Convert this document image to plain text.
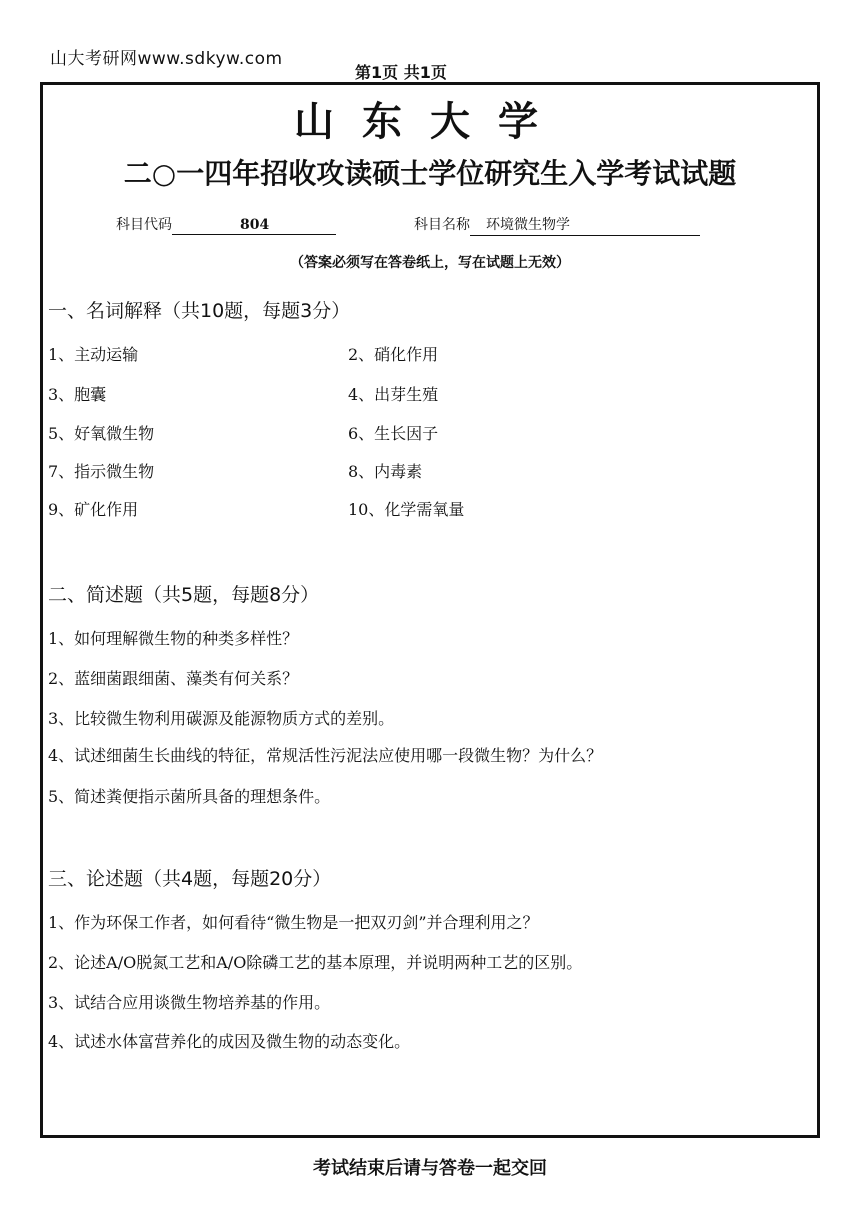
山大考研网www.sdkyw.com
第1页 共1页
山东大学
二○一四年招收攻读硕士学位研究生入学考试试题
科目代码	804	科目名称 环境微生物学
（答案必须写在答卷纸上，写在试题上无效）
一、名词解释（共10题，每题3分）
1、主动运输	2、硝化作用
3、胞囊	4、出芽生殖
5、好氧微生物	6、生长因子
7、指示微生物	8、内毒素
9、矿化作用	10、化学需氧量
二、简述题（共5题，每题8分）
1、如何理解微生物的种类多样性？
2、蓝细菌跟细菌、藻类有何关系？
3、比较微生物利用碳源及能源物质方式的差别。
4、试述细菌生长曲线的特征，常规活性污泥法应使用哪一段微生物？为什么？
5、简述粪便指示菌所具备的理想条件。
三、论述题（共4题，每题20分）
1、作为环保工作者，如何看待“微生物是一把双刃剑”并合理利用之？
2、论述A/O脱氮工艺和A/O除磷工艺的基本原理，并说明两种工艺的区别。
3、试结合应用谈微生物培养基的作用。
4、试述水体富营养化的成因及微生物的动态变化。
考试结束后请与答卷一起交回
